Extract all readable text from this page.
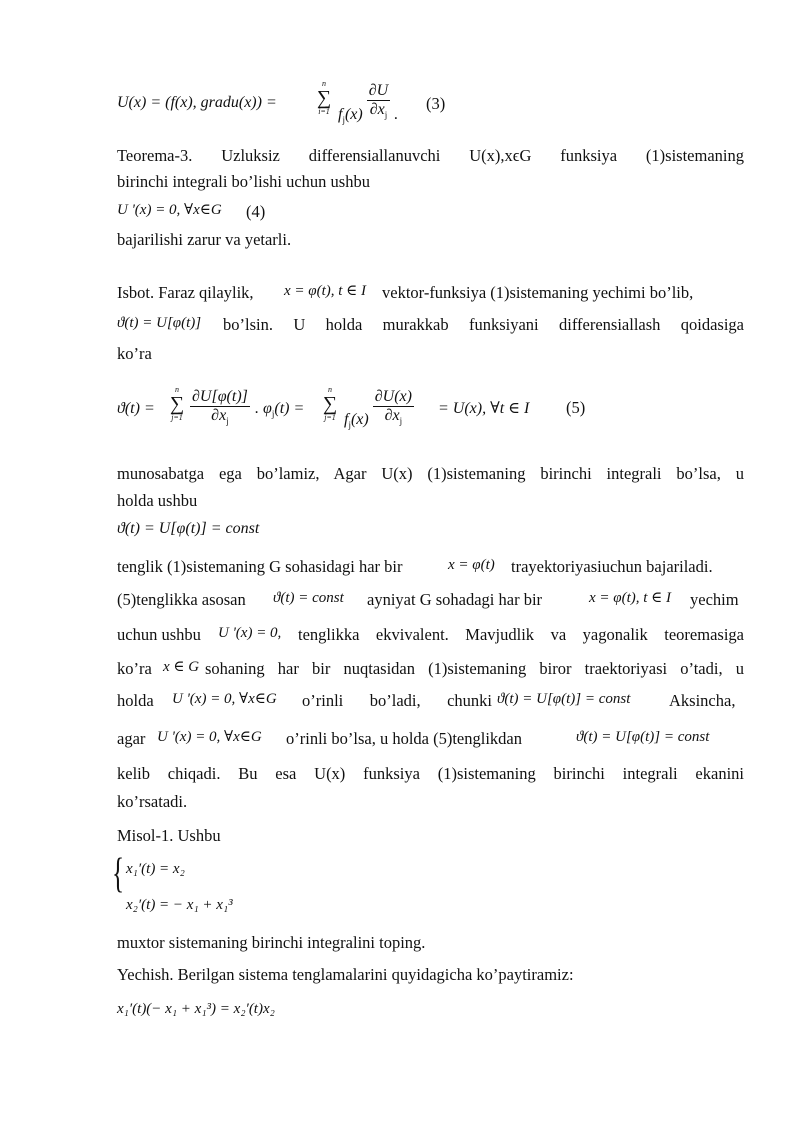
U(x) = (f(x), gradu(x)) =
n
∑
i=1 $f_j(x) \frac{\partial U}{\partial x_j}$ .
(3)
Teorema-3. Uzluksiz differensiallanuvchi U(x),xϵG funksiya (1)sistemaning
birinchi integrali bo’lishi uchun ushbu
U '(x) = 0, ∀x∈G (4)
bajarilishi zarur va yetarli.
Isbot. Faraz qilaylik, x = φ(t), t ∈ I vektor-funksiya (1)sistemaning yechimi bo’lib,
ϑ(t) = U[φ(t)] bo’lsin. U holda murakkab funksiyani differensiallash qoidasiga
ko’ra
ϑ(t) =
n
∑
$j=1 \frac{\partial U[\varphi(t)]}{\partial x_j}$ . $\varphi_j(t)$ =
n
∑
j=1 $f_j(x) \frac{\partial U(x)}{\partial x_j} = U(x)$, ∀t ∈ I (5)
munosabatga ega bo’lamiz, Agar U(x) (1)sistemaning birinchi integrali bo’lsa, u
holda ushbu
ϑ(t) = U[φ(t)] = const
tenglik (1)sistemaning G sohasidagi har bir	x = φ(t) trayektoriyasiuchun bajariladi.
(5)tenglikka asosan ϑ(t) = const ayniyat G sohadagi har bir	x = φ(t), t ∈ I yechim
uchun ushbu U '(x) = 0, tenglikka ekvivalent. Mavjudlik va yagonalik teoremasiga
ko’ra x ∈ G sohaning har bir nuqtasidan (1)sistemaning biror traektoriyasi o’tadi, u
holda U '(x) = 0, ∀x∈G o’rinli bo’ladi, chunki ϑ(t) = U[φ(t)] = const Aksincha,
agar U '(x) = 0, ∀x∈G o’rinli bo’lsa, u holda (5)tenglikdan	ϑ(t) = U[φ(t)] = const
kelib chiqadi. Bu esa U(x) funksiya (1)sistemaning birinchi integrali ekanini
ko’rsatadi.
Misol-1. Ushbu
{ x₁′(t) = x₂
x₂′(t) = − x₁ + x₁³
muxtor sistemaning birinchi integralini toping.
Yechish. Berilgan sistema tenglamalarini quyidagicha ko’paytiramiz:
x₁′(t)(− x₁ + x₁³) = x₂′(t)x₂
